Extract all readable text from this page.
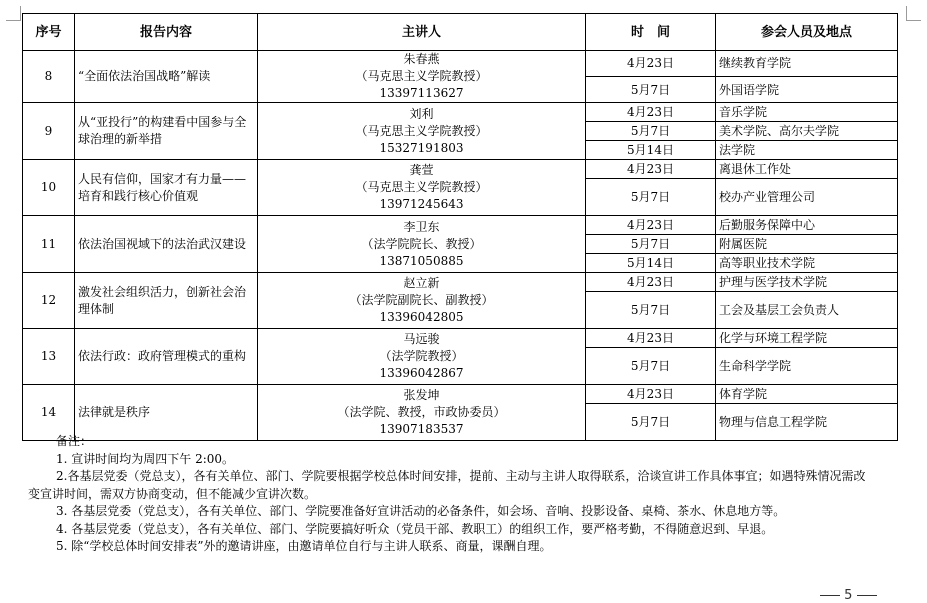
序号	报告内容	主讲人	时　间	参会人员及地点
8	“全面依法治国战略”解读	朱春燕
（马克思主义学院教授）
13397113627	4月23日	继续教育学院
			5月7日	外国语学院
9	从“亚投行”的构建看中国参与全球治理的新举措	刘利
（马克思主义学院教授）
15327191803	4月23日	音乐学院
			5月7日	美术学院、高尔夫学院
			5月14日	法学院
10	人民有信仰，国家才有力量——培育和践行核心价值观	龚萱
（马克思主义学院教授）
13971245643	4月23日	离退休工作处
			5月7日	校办产业管理公司
11	依法治国视域下的法治武汉建设	李卫东
（法学院院长、教授）
13871050885	4月23日	后勤服务保障中心
			5月7日	附属医院
			5月14日	高等职业技术学院
12	激发社会组织活力，创新社会治理体制	赵立新
（法学院副院长、副教授）
13396042805	4月23日	护理与医学技术学院
			5月7日	工会及基层工会负责人
13	依法行政：政府管理模式的重构	马远骏
（法学院教授）
13396042867	4月23日	化学与环境工程学院
			5月7日	生命科学学院
14	法律就是秩序	张发坤
（法学院、教授，市政协委员）
13907183537	4月23日	体育学院
			5月7日	物理与信息工程学院

备注：

1. 宣讲时间均为周四下午 2:00。

2.各基层党委（党总支），各有关单位、部门、学院要根据学校总体时间安排，提前、主动与主讲人取得联系，洽谈宣讲工作具体事宜；如遇特殊情况需改变宣讲时间，需双方协商变动，但不能减少宣讲次数。

3. 各基层党委（党总支），各有关单位、部门、学院要准备好宣讲活动的必备条件，如会场、音响、投影设备、桌椅、茶水、休息地方等。

4. 各基层党委（党总支），各有关单位、部门、学院要搞好听众（党员干部、教职工）的组织工作，要严格考勤，不得随意迟到、早退。

5. 除“学校总体时间安排表”外的邀请讲座，由邀请单位自行与主讲人联系、商量，课酬自理。

5
